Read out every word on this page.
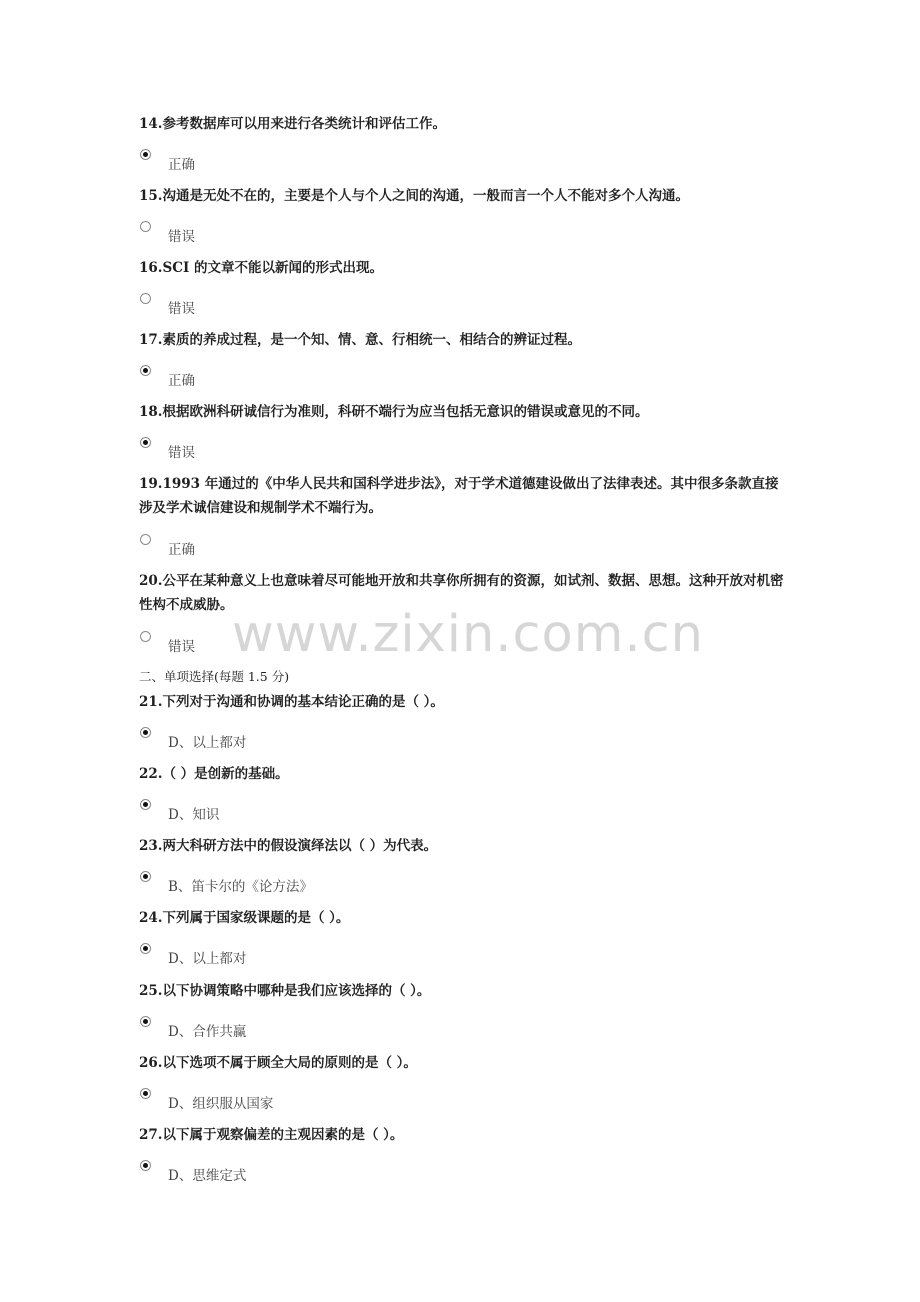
www.zixin.com.cn
14.参考数据库可以用来进行各类统计和评估工作。
正确
15.沟通是无处不在的，主要是个人与个人之间的沟通，一般而言一个人不能对多个人沟通。
错误
16.SCI 的文章不能以新闻的形式出现。
错误
17.素质的养成过程，是一个知、情、意、行相统一、相结合的辨证过程。
正确
18.根据欧洲科研诚信行为准则，科研不端行为应当包括无意识的错误或意见的不同。
错误
19.1993 年通过的《中华人民共和国科学进步法》，对于学术道德建设做出了法律表述。其中很多条款直接涉及学术诚信建设和规制学术不端行为。
正确
20.公平在某种意义上也意味着尽可能地开放和共享你所拥有的资源，如试剂、数据、思想。这种开放对机密性构不成威胁。
错误
二、单项选择(每题 1.5 分)
21.下列对于沟通和协调的基本结论正确的是（ ）。
D、以上都对
22.（ ）是创新的基础。
D、知识
23.两大科研方法中的假设演绎法以（ ）为代表。
B、笛卡尔的《论方法》
24.下列属于国家级课题的是（ ）。
D、以上都对
25.以下协调策略中哪种是我们应该选择的（ ）。
D、合作共赢
26.以下选项不属于顾全大局的原则的是（ ）。
D、组织服从国家
27.以下属于观察偏差的主观因素的是（ ）。
D、思维定式
